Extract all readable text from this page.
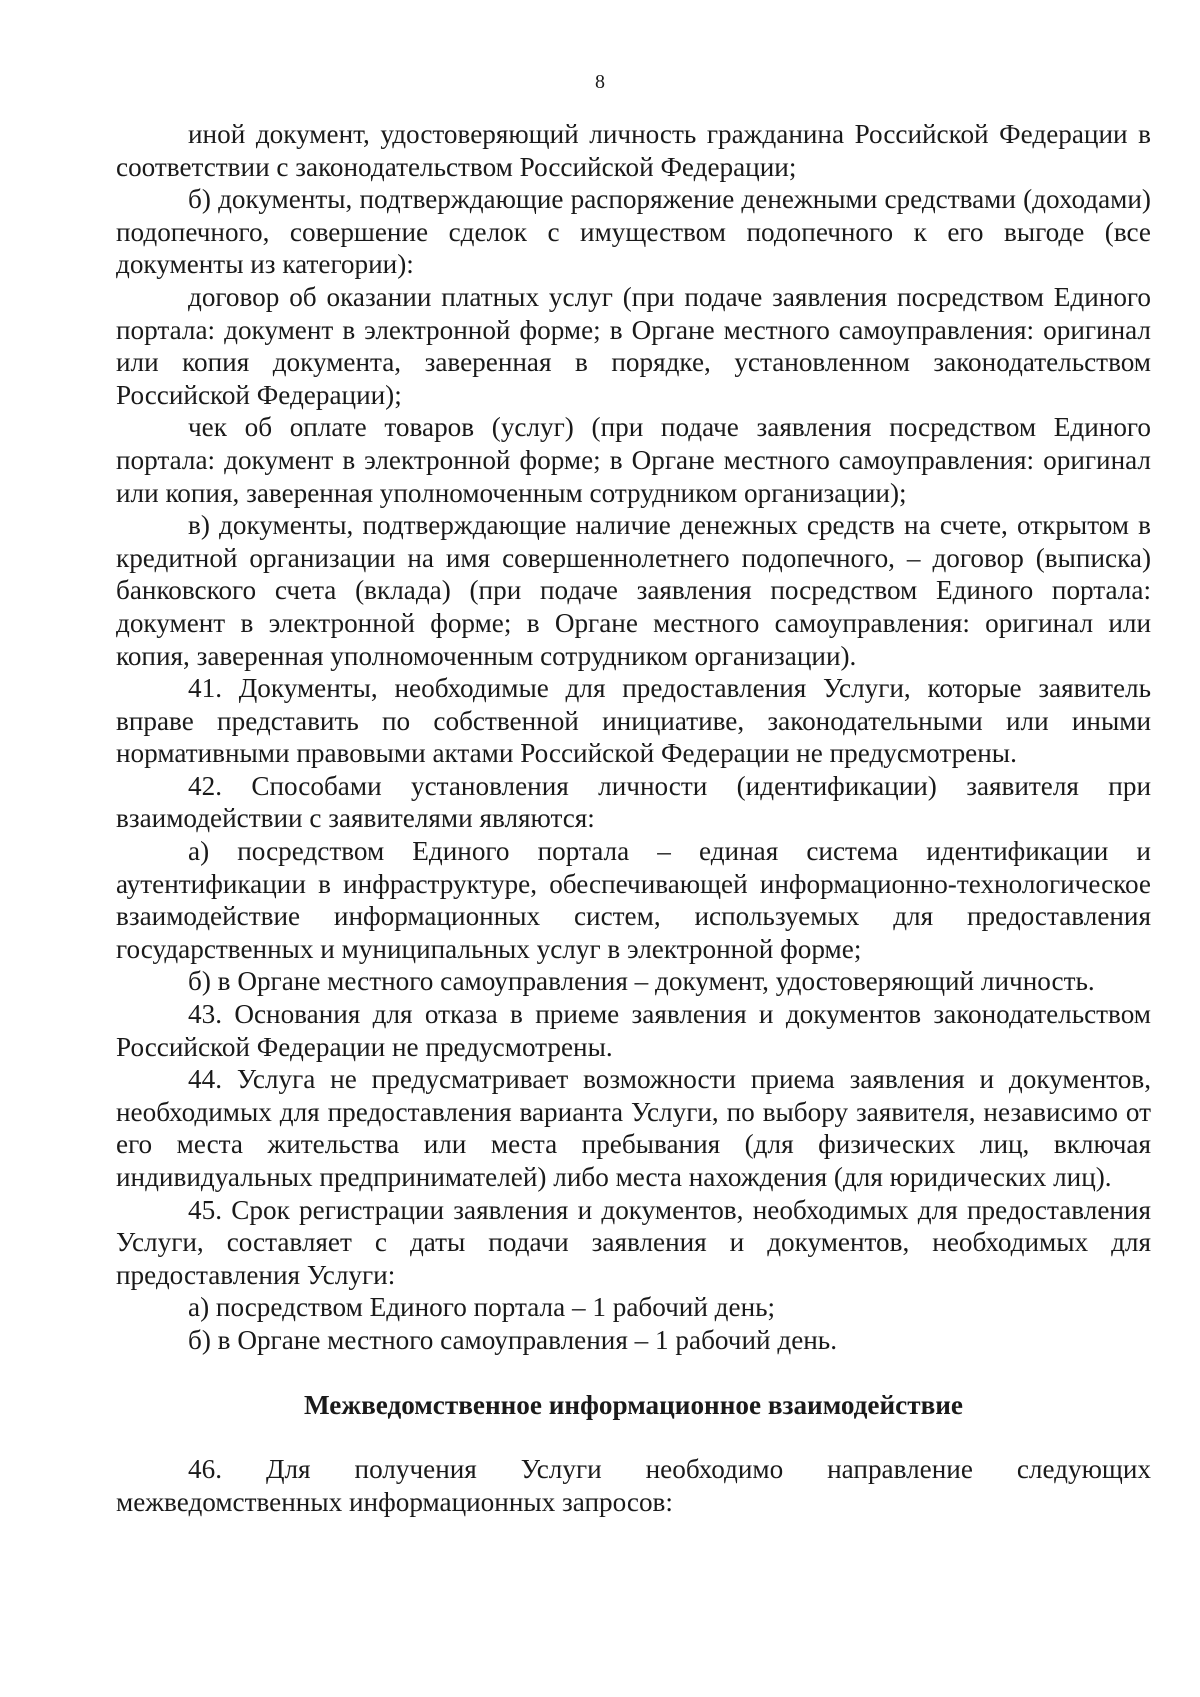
8

иной документ, удостоверяющий личность гражданина Российской Федерации в соответствии с законодательством Российской Федерации;

б) документы, подтверждающие распоряжение денежными средствами (доходами) подопечного, совершение сделок с имуществом подопечного к его выгоде (все документы из категории):

договор об оказании платных услуг (при подаче заявления посредством Единого портала: документ в электронной форме; в Органе местного самоуправления: оригинал или копия документа, заверенная в порядке, установленном законодательством Российской Федерации);

чек об оплате товаров (услуг) (при подаче заявления посредством Единого портала: документ в электронной форме; в Органе местного самоуправления: оригинал или копия, заверенная уполномоченным сотрудником организации);

в) документы, подтверждающие наличие денежных средств на счете, открытом в кредитной организации на имя совершеннолетнего подопечного, – договор (выписка) банковского счета (вклада) (при подаче заявления посредством Единого портала: документ в электронной форме; в Органе местного самоуправления: оригинал или копия, заверенная уполномоченным сотрудником организации).

41. Документы, необходимые для предоставления Услуги, которые заявитель вправе представить по собственной инициативе, законодательными или иными нормативными правовыми актами Российской Федерации не предусмотрены.

42. Способами установления личности (идентификации) заявителя при взаимодействии с заявителями являются:

а) посредством Единого портала – единая система идентификации и аутентификации в инфраструктуре, обеспечивающей информационно-технологическое взаимодействие информационных систем, используемых для предоставления государственных и муниципальных услуг в электронной форме;

б) в Органе местного самоуправления – документ, удостоверяющий личность.

43. Основания для отказа в приеме заявления и документов законодательством Российской Федерации не предусмотрены.

44. Услуга не предусматривает возможности приема заявления и документов, необходимых для предоставления варианта Услуги, по выбору заявителя, независимо от его места жительства или места пребывания (для физических лиц, включая индивидуальных предпринимателей) либо места нахождения (для юридических лиц).

45. Срок регистрации заявления и документов, необходимых для предоставления Услуги, составляет с даты подачи заявления и документов, необходимых для предоставления Услуги:

а) посредством Единого портала – 1 рабочий день;

б) в Органе местного самоуправления – 1 рабочий день.

Межведомственное информационное взаимодействие

46. Для получения Услуги необходимо направление следующих межведомственных информационных запросов:
